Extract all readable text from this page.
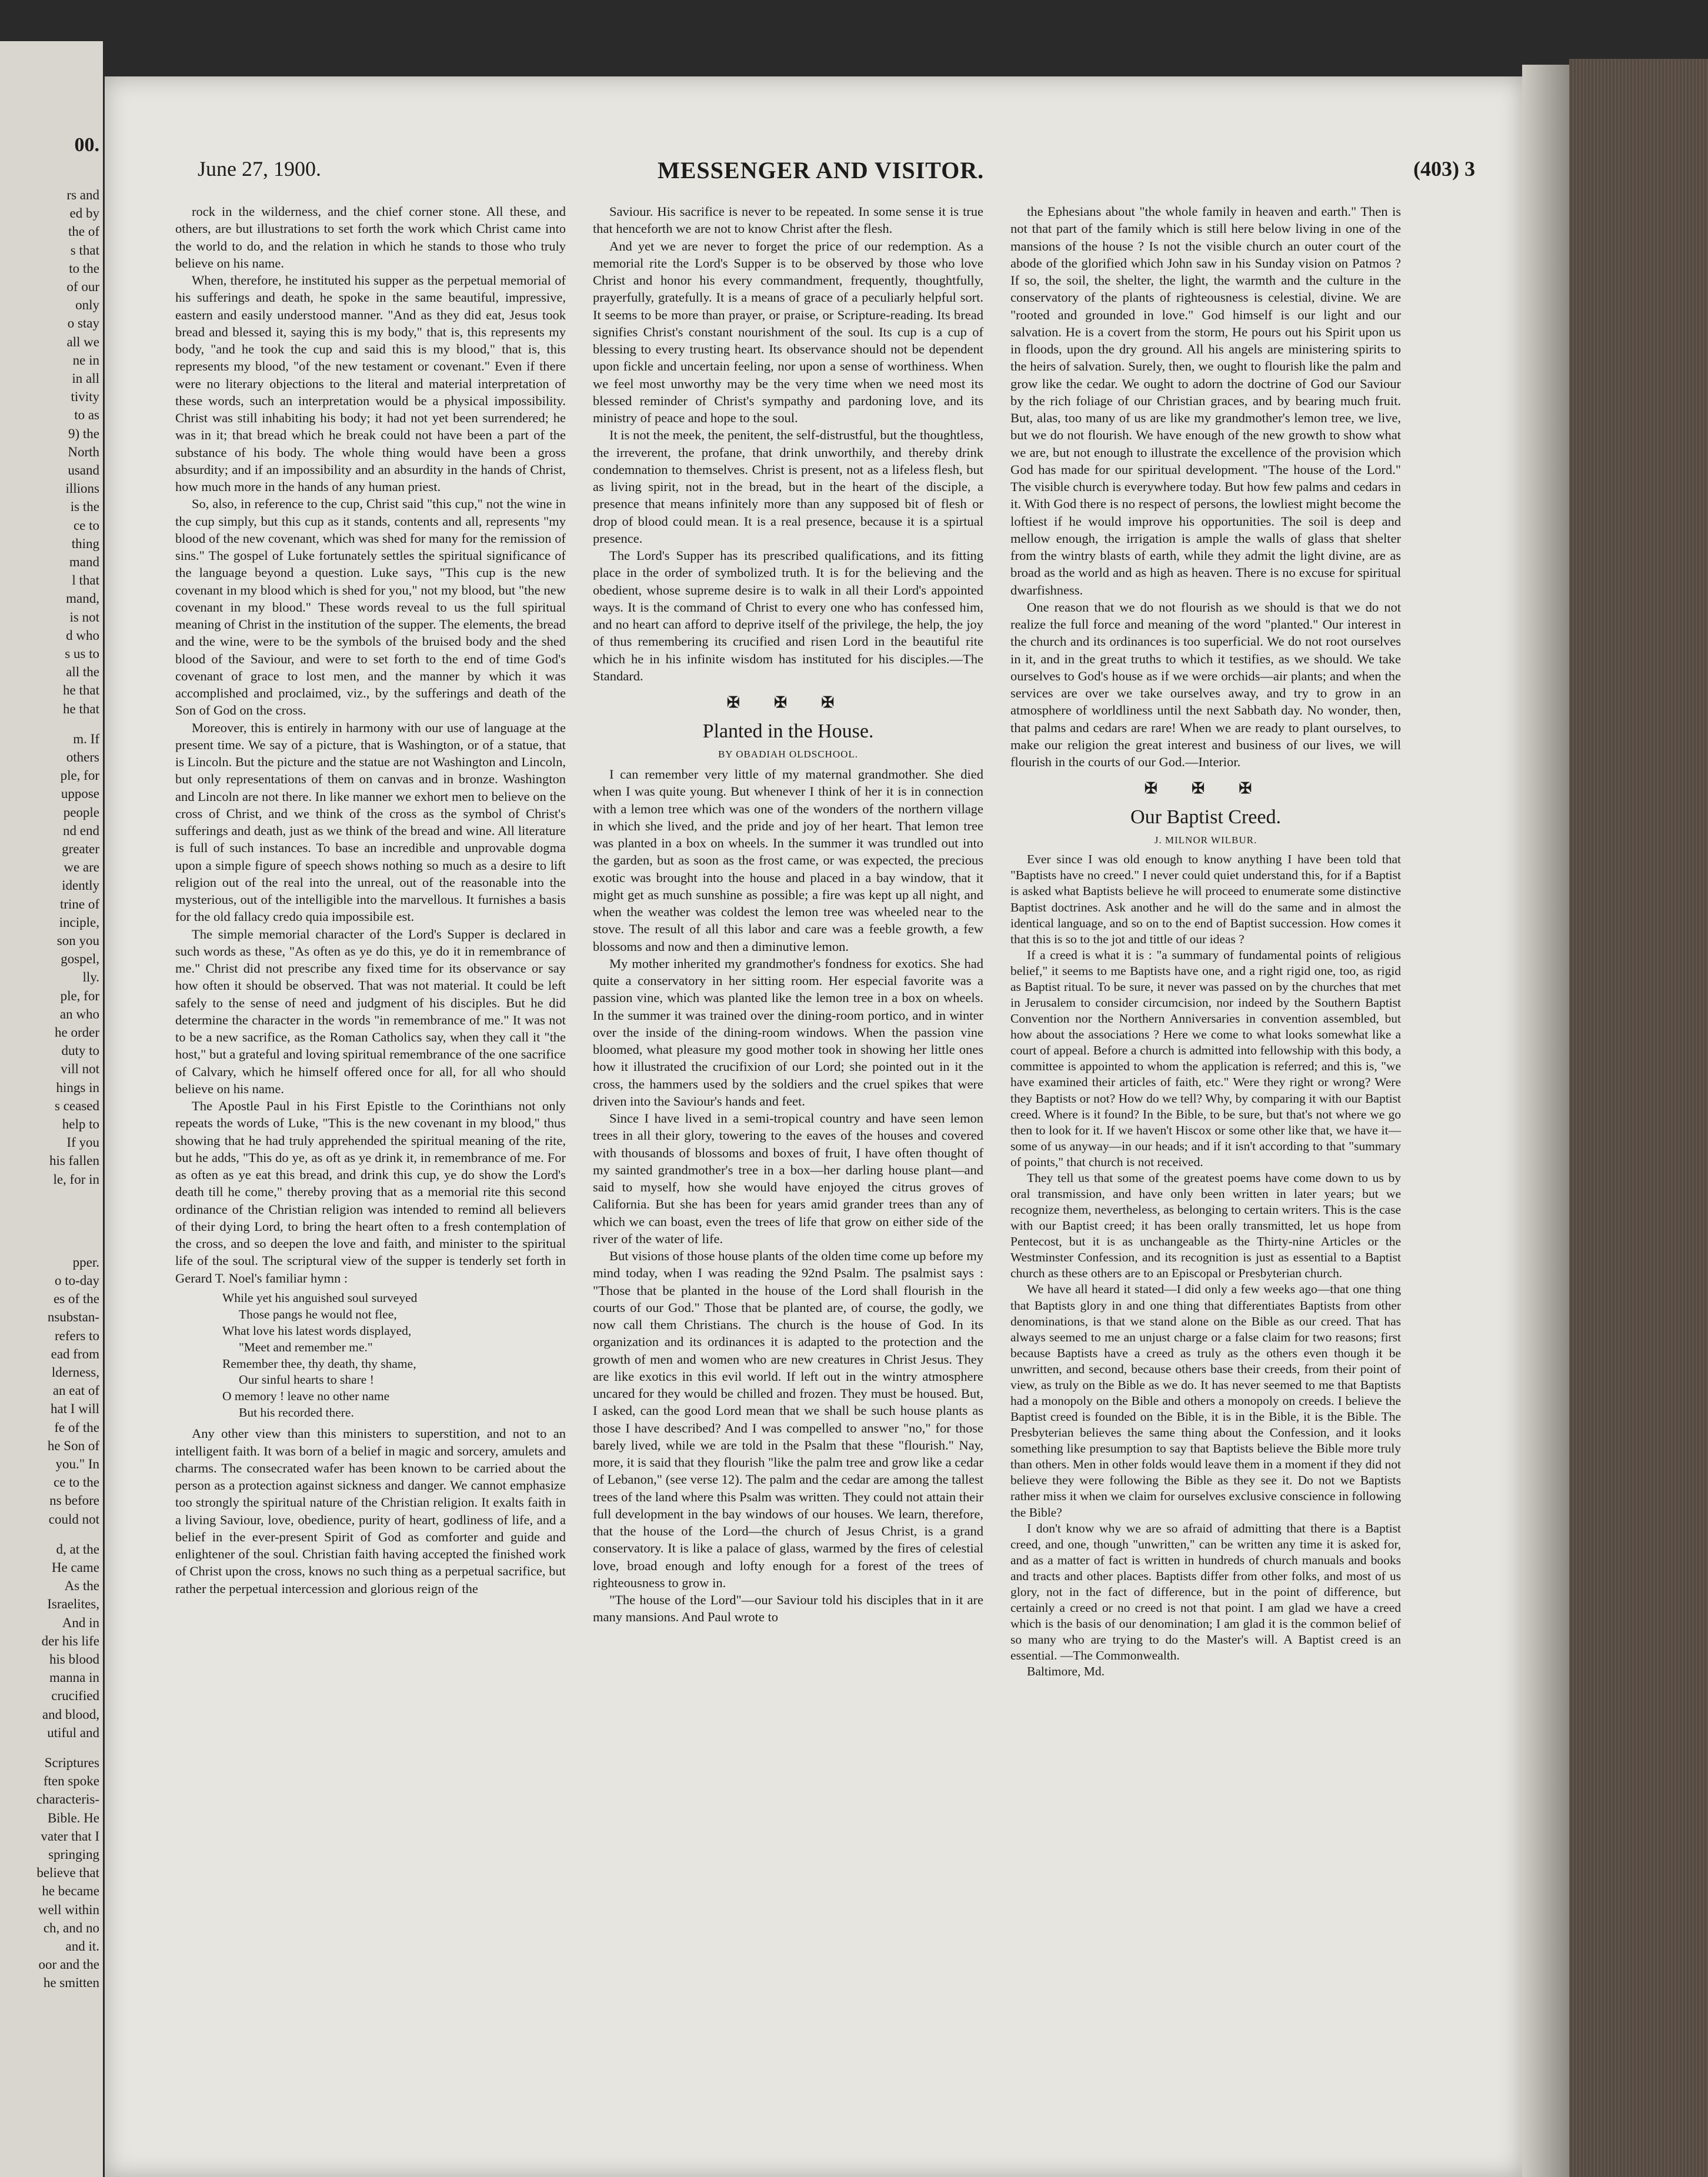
00.
rs and
ed by
the of
s that
to the
of our
only
o stay
all we
ne in
in all
tivity
to as
9) the
North
usand
illions
is the
ce to
thing
mand
l that
mand,
is not
d who
s us to
all the
he that
he that
m. If
others
ple, for
uppose
people
nd end
greater
we are
idently
trine of
inciple,
son you
gospel,
lly.
ple, for
an who
he order
duty to
vill not
hings in
s ceased
help to
If you
his fallen
le, for in
pper.
o to-day
es of the
nsubstan-
refers to
ead from
lderness,
an eat of
hat I will
fe of the
he Son of
you." In
ce to the
ns before
could not
d, at the
He came
As the
Israelites,
And in
der his life
his blood
manna in
crucified
and blood,
utiful and
Scriptures
ften spoke
characteris-
Bible. He
vater that I
springing
believe that
he became
well within
ch, and no
and it.
oor and the
he smitten
June 27, 1900.	MESSENGER AND VISITOR.	(403) 3

rock in the wilderness, and the chief corner stone. All these, and others, are but illustrations to set forth the work which Christ came into the world to do, and the relation in which he stands to those who truly believe on his name.

When, therefore, he instituted his supper as the perpetual memorial of his sufferings and death, he spoke in the same beautiful, impressive, eastern and easily understood manner. "And as they did eat, Jesus took bread and blessed it, saying this is my body," that is, this represents my body, "and he took the cup and said this is my blood," that is, this represents my blood, "of the new testament or covenant." Even if there were no literary objections to the literal and material interpretation of these words, such an interpretation would be a physical impossibility. Christ was still inhabiting his body; it had not yet been surrendered; he was in it; that bread which he break could not have been a part of the substance of his body. The whole thing would have been a gross absurdity; and if an impossibility and an absurdity in the hands of Christ, how much more in the hands of any human priest.

So, also, in reference to the cup, Christ said "this cup," not the wine in the cup simply, but this cup as it stands, contents and all, represents "my blood of the new covenant, which was shed for many for the remission of sins." The gospel of Luke fortunately settles the spiritual significance of the language beyond a question. Luke says, "This cup is the new covenant in my blood which is shed for you," not my blood, but "the new covenant in my blood." These words reveal to us the full spiritual meaning of Christ in the institution of the supper. The elements, the bread and the wine, were to be the symbols of the bruised body and the shed blood of the Saviour, and were to set forth to the end of time God's covenant of grace to lost men, and the manner by which it was accomplished and proclaimed, viz., by the sufferings and death of the Son of God on the cross.

Moreover, this is entirely in harmony with our use of language at the present time. We say of a picture, that is Washington, or of a statue, that is Lincoln. But the picture and the statue are not Washington and Lincoln, but only representations of them on canvas and in bronze. Washington and Lincoln are not there. In like manner we exhort men to believe on the cross of Christ, and we think of the cross as the symbol of Christ's sufferings and death, just as we think of the bread and wine. All literature is full of such instances. To base an incredible and unprovable dogma upon a simple figure of speech shows nothing so much as a desire to lift religion out of the real into the unreal, out of the reasonable into the mysterious, out of the intelligible into the marvellous. It furnishes a basis for the old fallacy credo quia impossibile est.

The simple memorial character of the Lord's Supper is declared in such words as these, "As often as ye do this, ye do it in remembrance of me." Christ did not prescribe any fixed time for its observance or say how often it should be observed. That was not material. It could be left safely to the sense of need and judgment of his disciples. But he did determine the character in the words "in remembrance of me." It was not to be a new sacrifice, as the Roman Catholics say, when they call it "the host," but a grateful and loving spiritual remembrance of the one sacrifice of Calvary, which he himself offered once for all, for all who should believe on his name.

The Apostle Paul in his First Epistle to the Corinthians not only repeats the words of Luke, "This is the new covenant in my blood," thus showing that he had truly apprehended the spiritual meaning of the rite, but he adds, "This do ye, as oft as ye drink it, in remembrance of me. For as often as ye eat this bread, and drink this cup, ye do show the Lord's death till he come," thereby proving that as a memorial rite this second ordinance of the Christian religion was intended to remind all believers of their dying Lord, to bring the heart often to a fresh contemplation of the cross, and so deepen the love and faith, and minister to the spiritual life of the soul. The scriptural view of the supper is tenderly set forth in Gerard T. Noel's familiar hymn :

While yet his anguished soul surveyed
Those pangs he would not flee,
What love his latest words displayed,
"Meet and remember me."
Remember thee, thy death, thy shame,
Our sinful hearts to share !
O memory ! leave no other name
But his recorded there.

Any other view than this ministers to superstition, and not to an intelligent faith. It was born of a belief in magic and sorcery, amulets and charms. The consecrated wafer has been known to be carried about the person as a protection against sickness and danger. We cannot emphasize too strongly the spiritual nature of the Christian religion. It exalts faith in a living Saviour, love, obedience, purity of heart, godliness of life, and a belief in the ever-present Spirit of God as comforter and guide and enlightener of the soul. Christian faith having accepted the finished work of Christ upon the cross, knows no such thing as a perpetual sacrifice, but rather the perpetual intercession and glorious reign of the

Saviour. His sacrifice is never to be repeated. In some sense it is true that henceforth we are not to know Christ after the flesh.

And yet we are never to forget the price of our redemption. As a memorial rite the Lord's Supper is to be observed by those who love Christ and honor his every commandment, frequently, thoughtfully, prayerfully, gratefully. It is a means of grace of a peculiarly helpful sort. It seems to be more than prayer, or praise, or Scripture-reading. Its bread signifies Christ's constant nourishment of the soul. Its cup is a cup of blessing to every trusting heart. Its observance should not be dependent upon fickle and uncertain feeling, nor upon a sense of worthiness. When we feel most unworthy may be the very time when we need most its blessed reminder of Christ's sympathy and pardoning love, and its ministry of peace and hope to the soul.

It is not the meek, the penitent, the self-distrustful, but the thoughtless, the irreverent, the profane, that drink unworthily, and thereby drink condemnation to themselves. Christ is present, not as a lifeless flesh, but as living spirit, not in the bread, but in the heart of the disciple, a presence that means infinitely more than any supposed bit of flesh or drop of blood could mean. It is a real presence, because it is a spirtual presence.

The Lord's Supper has its prescribed qualifications, and its fitting place in the order of symbolized truth. It is for the believing and the obedient, whose supreme desire is to walk in all their Lord's appointed ways. It is the command of Christ to every one who has confessed him, and no heart can afford to deprive itself of the privilege, the help, the joy of thus remembering its crucified and risen Lord in the beautiful rite which he in his infinite wisdom has instituted for his disciples.—The Standard.

✠ ✠ ✠
Planted in the House.
BY OBADIAH OLDSCHOOL.

I can remember very little of my maternal grandmother. She died when I was quite young. But whenever I think of her it is in connection with a lemon tree which was one of the wonders of the northern village in which she lived, and the pride and joy of her heart. That lemon tree was planted in a box on wheels. In the summer it was trundled out into the garden, but as soon as the frost came, or was expected, the precious exotic was brought into the house and placed in a bay window, that it might get as much sunshine as possible; a fire was kept up all night, and when the weather was coldest the lemon tree was wheeled near to the stove. The result of all this labor and care was a feeble growth, a few blossoms and now and then a diminutive lemon.

My mother inherited my grandmother's fondness for exotics. She had quite a conservatory in her sitting room. Her especial favorite was a passion vine, which was planted like the lemon tree in a box on wheels. In the summer it was trained over the dining-room portico, and in winter over the inside of the dining-room windows. When the passion vine bloomed, what pleasure my good mother took in showing her little ones how it illustrated the crucifixion of our Lord; she pointed out in it the cross, the hammers used by the soldiers and the cruel spikes that were driven into the Saviour's hands and feet.

Since I have lived in a semi-tropical country and have seen lemon trees in all their glory, towering to the eaves of the houses and covered with thousands of blossoms and boxes of fruit, I have often thought of my sainted grandmother's tree in a box—her darling house plant—and said to myself, how she would have enjoyed the citrus groves of California. But she has been for years amid grander trees than any of which we can boast, even the trees of life that grow on either side of the river of the water of life.

But visions of those house plants of the olden time come up before my mind today, when I was reading the 92nd Psalm. The psalmist says : "Those that be planted in the house of the Lord shall flourish in the courts of our God." Those that be planted are, of course, the godly, we now call them Christians. The church is the house of God. In its organization and its ordinances it is adapted to the protection and the growth of men and women who are new creatures in Christ Jesus. They are like exotics in this evil world. If left out in the wintry atmosphere uncared for they would be chilled and frozen. They must be housed. But, I asked, can the good Lord mean that we shall be such house plants as those I have described? And I was compelled to answer "no," for those barely lived, while we are told in the Psalm that these "flourish." Nay, more, it is said that they flourish "like the palm tree and grow like a cedar of Lebanon," (see verse 12). The palm and the cedar are among the tallest trees of the land where this Psalm was written. They could not attain their full development in the bay windows of our houses. We learn, therefore, that the house of the Lord—the church of Jesus Christ, is a grand conservatory. It is like a palace of glass, warmed by the fires of celestial love, broad enough and lofty enough for a forest of the trees of righteousness to grow in.

"The house of the Lord"—our Saviour told his disciples that in it are many mansions. And Paul wrote to

the Ephesians about "the whole family in heaven and earth." Then is not that part of the family which is still here below living in one of the mansions of the house ? Is not the visible church an outer court of the abode of the glorified which John saw in his Sunday vision on Patmos ? If so, the soil, the shelter, the light, the warmth and the culture in the conservatory of the plants of righteousness is celestial, divine. We are "rooted and grounded in love." God himself is our light and our salvation. He is a covert from the storm, He pours out his Spirit upon us in floods, upon the dry ground. All his angels are ministering spirits to the heirs of salvation. Surely, then, we ought to flourish like the palm and grow like the cedar. We ought to adorn the doctrine of God our Saviour by the rich foliage of our Christian graces, and by bearing much fruit. But, alas, too many of us are like my grandmother's lemon tree, we live, but we do not flourish. We have enough of the new growth to show what we are, but not enough to illustrate the excellence of the provision which God has made for our spiritual development. "The house of the Lord." The visible church is everywhere today. But how few palms and cedars in it. With God there is no respect of persons, the lowliest might become the loftiest if he would improve his opportunities. The soil is deep and mellow enough, the irrigation is ample the walls of glass that shelter from the wintry blasts of earth, while they admit the light divine, are as broad as the world and as high as heaven. There is no excuse for spiritual dwarfishness.

One reason that we do not flourish as we should is that we do not realize the full force and meaning of the word "planted." Our interest in the church and its ordinances is too superficial. We do not root ourselves in it, and in the great truths to which it testifies, as we should. We take ourselves to God's house as if we were orchids—air plants; and when the services are over we take ourselves away, and try to grow in an atmosphere of worldliness until the next Sabbath day. No wonder, then, that palms and cedars are rare! When we are ready to plant ourselves, to make our religion the great interest and business of our lives, we will flourish in the courts of our God.—Interior.

✠ ✠ ✠
Our Baptist Creed.
J. MILNOR WILBUR.

Ever since I was old enough to know anything I have been told that "Baptists have no creed." I never could quiet understand this, for if a Baptist is asked what Baptists believe he will proceed to enumerate some distinctive Baptist doctrines. Ask another and he will do the same and in almost the identical language, and so on to the end of Baptist succession. How comes it that this is so to the jot and tittle of our ideas ?

If a creed is what it is : "a summary of fundamental points of religious belief," it seems to me Baptists have one, and a right rigid one, too, as rigid as Baptist ritual. To be sure, it never was passed on by the churches that met in Jerusalem to consider circumcision, nor indeed by the Southern Baptist Convention nor the Northern Anniversaries in convention assembled, but how about the associations ? Here we come to what looks somewhat like a court of appeal. Before a church is admitted into fellowship with this body, a committee is appointed to whom the application is referred; and this is, "we have examined their articles of faith, etc." Were they right or wrong? Were they Baptists or not? How do we tell? Why, by comparing it with our Baptist creed. Where is it found? In the Bible, to be sure, but that's not where we go then to look for it. If we haven't Hiscox or some other like that, we have it—some of us anyway—in our heads; and if it isn't according to that "summary of points," that church is not received.

They tell us that some of the greatest poems have come down to us by oral transmission, and have only been written in later years; but we recognize them, nevertheless, as belonging to certain writers. This is the case with our Baptist creed; it has been orally transmitted, let us hope from Pentecost, but it is as unchangeable as the Thirty-nine Articles or the Westminster Confession, and its recognition is just as essential to a Baptist church as these others are to an Episcopal or Presbyterian church.

We have all heard it stated—I did only a few weeks ago—that one thing that Baptists glory in and one thing that differentiates Baptists from other denominations, is that we stand alone on the Bible as our creed. That has always seemed to me an unjust charge or a false claim for two reasons; first because Baptists have a creed as truly as the others even though it be unwritten, and second, because others base their creeds, from their point of view, as truly on the Bible as we do. It has never seemed to me that Baptists had a monopoly on the Bible and others a monopoly on creeds. I believe the Baptist creed is founded on the Bible, it is in the Bible, it is the Bible. The Presbyterian believes the same thing about the Confession, and it looks something like presumption to say that Baptists believe the Bible more truly than others. Men in other folds would leave them in a moment if they did not believe they were following the Bible as they see it. Do not we Baptists rather miss it when we claim for ourselves exclusive conscience in following the Bible?

I don't know why we are so afraid of admitting that there is a Baptist creed, and one, though "unwritten," can be written any time it is asked for, and as a matter of fact is written in hundreds of church manuals and books and tracts and other places. Baptists differ from other folks, and most of us glory, not in the fact of difference, but in the point of difference, but certainly a creed or no creed is not that point. I am glad we have a creed which is the basis of our denomination; I am glad it is the common belief of so many who are trying to do the Master's will. A Baptist creed is an essential. —The Commonwealth.

Baltimore, Md.
